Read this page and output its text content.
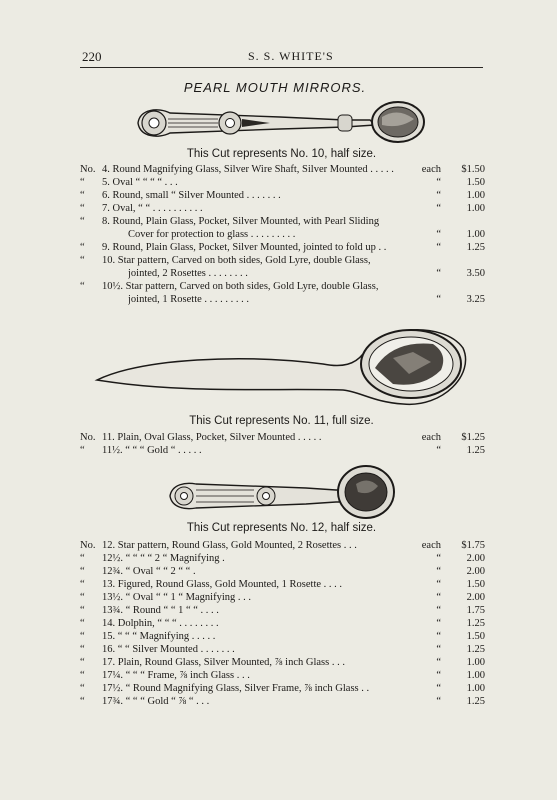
220	S. S. WHITE'S
PEARL MOUTH MIRRORS.
This Cut represents No. 10, half size.
No. 4. Round Magnifying Glass, Silver Wire Shaft, Silver Mounted . . . . .	each	$1.50
“	5. Oval “ “ “ “ . . .	“	1.50
“	6. Round, small “ Silver Mounted . . . . . . .	“	1.00
“	7. Oval, “ “ . . . . . . . . . .	“	1.00
“	8. Round, Plain Glass, Pocket, Silver Mounted, with Pearl Sliding
Cover for protection to glass . . . . . . . . .	“	1.00
“	9. Round, Plain Glass, Pocket, Silver Mounted, jointed to fold up . .	“	1.25
“	10. Star pattern, Carved on both sides, Gold Lyre, double Glass,
jointed, 2 Rosettes . . . . . . . .	“	3.50
“	10½. Star pattern, Carved on both sides, Gold Lyre, double Glass,
jointed, 1 Rosette . . . . . . . . .	“	3.25
This Cut represents No. 11, full size.
No. 11. Plain, Oval Glass, Pocket, Silver Mounted . . . . .	each	$1.25
“	11½. “ “ “ Gold “ . . . . .	“	1.25
This Cut represents No. 12, half size.
No. 12. Star pattern, Round Glass, Gold Mounted, 2 Rosettes . . .	each	$1.75
“	12½. “ “ “ “ 2 “ Magnifying .	“	2.00
“	12¾. “ Oval “ “ 2 “ “ .	“	2.00
“	13. Figured, Round Glass, Gold Mounted, 1 Rosette . . . .	“	1.50
“	13½. “ Oval “ “ 1 “ Magnifying . . .	“	2.00
“	13¾. “ Round “ “ 1 “ “ . . . .	“	1.75
“	14. Dolphin, “ “ “ . . . . . . . .	“	1.25
“	15. “ “ “ Magnifying . . . . .	“	1.50
“	16. “ “ Silver Mounted . . . . . . .	“	1.25
“	17. Plain, Round Glass, Silver Mounted, ⅞ inch Glass . . .	“	1.00
“	17¼. “ “ “ Frame, ⅞ inch Glass . . .	“	1.00
“	17½. “ Round Magnifying Glass, Silver Frame, ⅞ inch Glass . .	“	1.00
“	17¾. “ “ “ Gold “ ⅞ “ . . .	“	1.25
